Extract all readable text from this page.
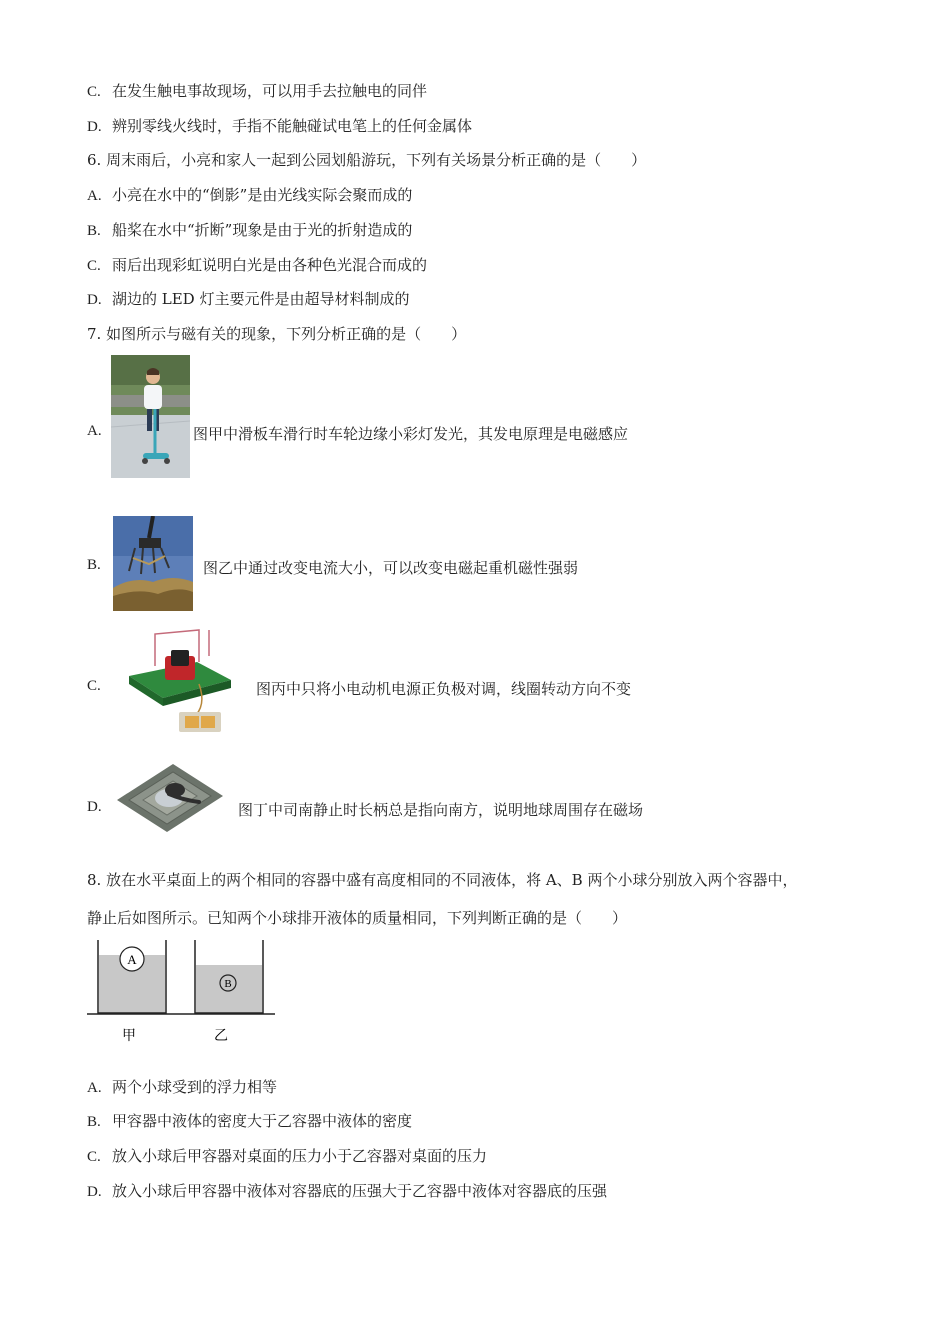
C. 在发生触电事故现场，可以用手去拉触电的同伴
D. 辨别零线火线时，手指不能触碰试电笔上的任何金属体
6. 周末雨后，小亮和家人一起到公园划船游玩，下列有关场景分析正确的是（　　）
A. 小亮在水中的“倒影”是由光线实际会聚而成的
B. 船桨在水中“折断”现象是由于光的折射造成的
C. 雨后出现彩虹说明白光是由各种色光混合而成的
D. 湖边的 LED 灯主要元件是由超导材料制成的
7. 如图所示与磁有关的现象，下列分析正确的是（　　）
A.	图甲中滑板车滑行时车轮边缘小彩灯发光，其发电原理是电磁感应
B.	图乙中通过改变电流大小，可以改变电磁起重机磁性强弱
C.	图丙中只将小电动机电源正负极对调，线圈转动方向不变
D.	图丁中司南静止时长柄总是指向南方，说明地球周围存在磁场
8. 放在水平桌面上的两个相同的容器中盛有高度相同的不同液体，将 A、B 两个小球分别放入两个容器中，
静止后如图所示。已知两个小球排开液体的质量相同，下列判断正确的是（　　）
A
B
甲	乙
A. 两个小球受到的浮力相等
B. 甲容器中液体的密度大于乙容器中液体的密度
C. 放入小球后甲容器对桌面的压力小于乙容器对桌面的压力
D. 放入小球后甲容器中液体对容器底的压强大于乙容器中液体对容器底的压强
